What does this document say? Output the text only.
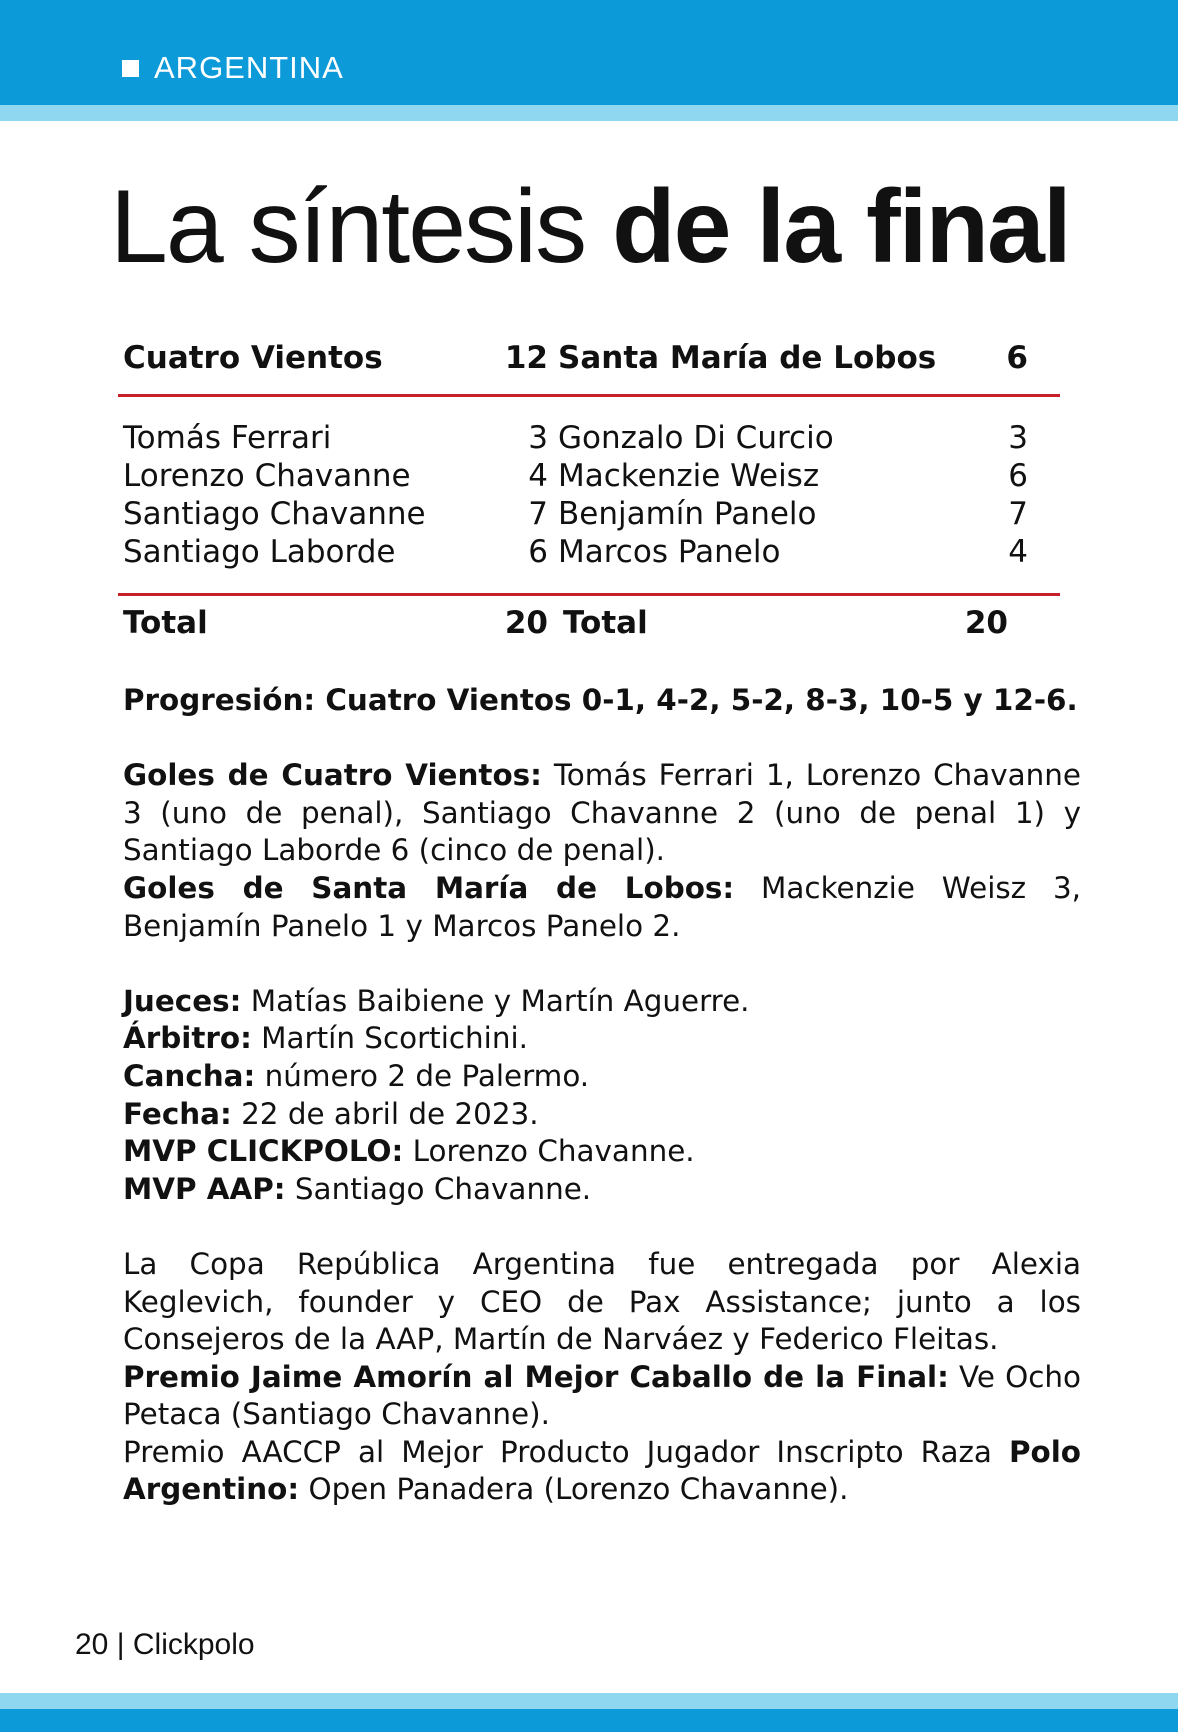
ARGENTINA
La síntesis de la final
Cuatro Vientos	12 Santa María de Lobos	6
Tomás Ferrari	3 Gonzalo Di Curcio	3
Lorenzo Chavanne	4 Mackenzie Weisz	6
Santiago Chavanne	7 Benjamín Panelo	7
Santiago Laborde	6 Marcos Panelo	4
Total	20 Total	20

Progresión: Cuatro Vientos 0-1, 4-2, 5-2, 8-3, 10-5 y 12-6.

Goles de Cuatro Vientos: Tomás Ferrari 1, Lorenzo Chavanne 3 (uno de penal), Santiago Chavanne 2 (uno de penal 1) y Santiago Laborde 6 (cinco de penal).

Goles de Santa María de Lobos: Mackenzie Weisz 3, Benjamín Panelo 1 y Marcos Panelo 2.

Jueces: Matías Baibiene y Martín Aguerre.

Árbitro: Martín Scortichini.

Cancha: número 2 de Palermo.

Fecha: 22 de abril de 2023.

MVP CLICKPOLO: Lorenzo Chavanne.

MVP AAP: Santiago Chavanne.

La Copa República Argentina fue entregada por Alexia Keglevich, founder y CEO de Pax Assistance; junto a los Consejeros de la AAP, Martín de Narváez y Federico Fleitas.

Premio Jaime Amorín al Mejor Caballo de la Final: Ve Ocho Petaca (Santiago Chavanne).

Premio AACCP al Mejor Producto Jugador Inscripto Raza Polo Argentino: Open Panadera (Lorenzo Chavanne).

20 | Clickpolo
